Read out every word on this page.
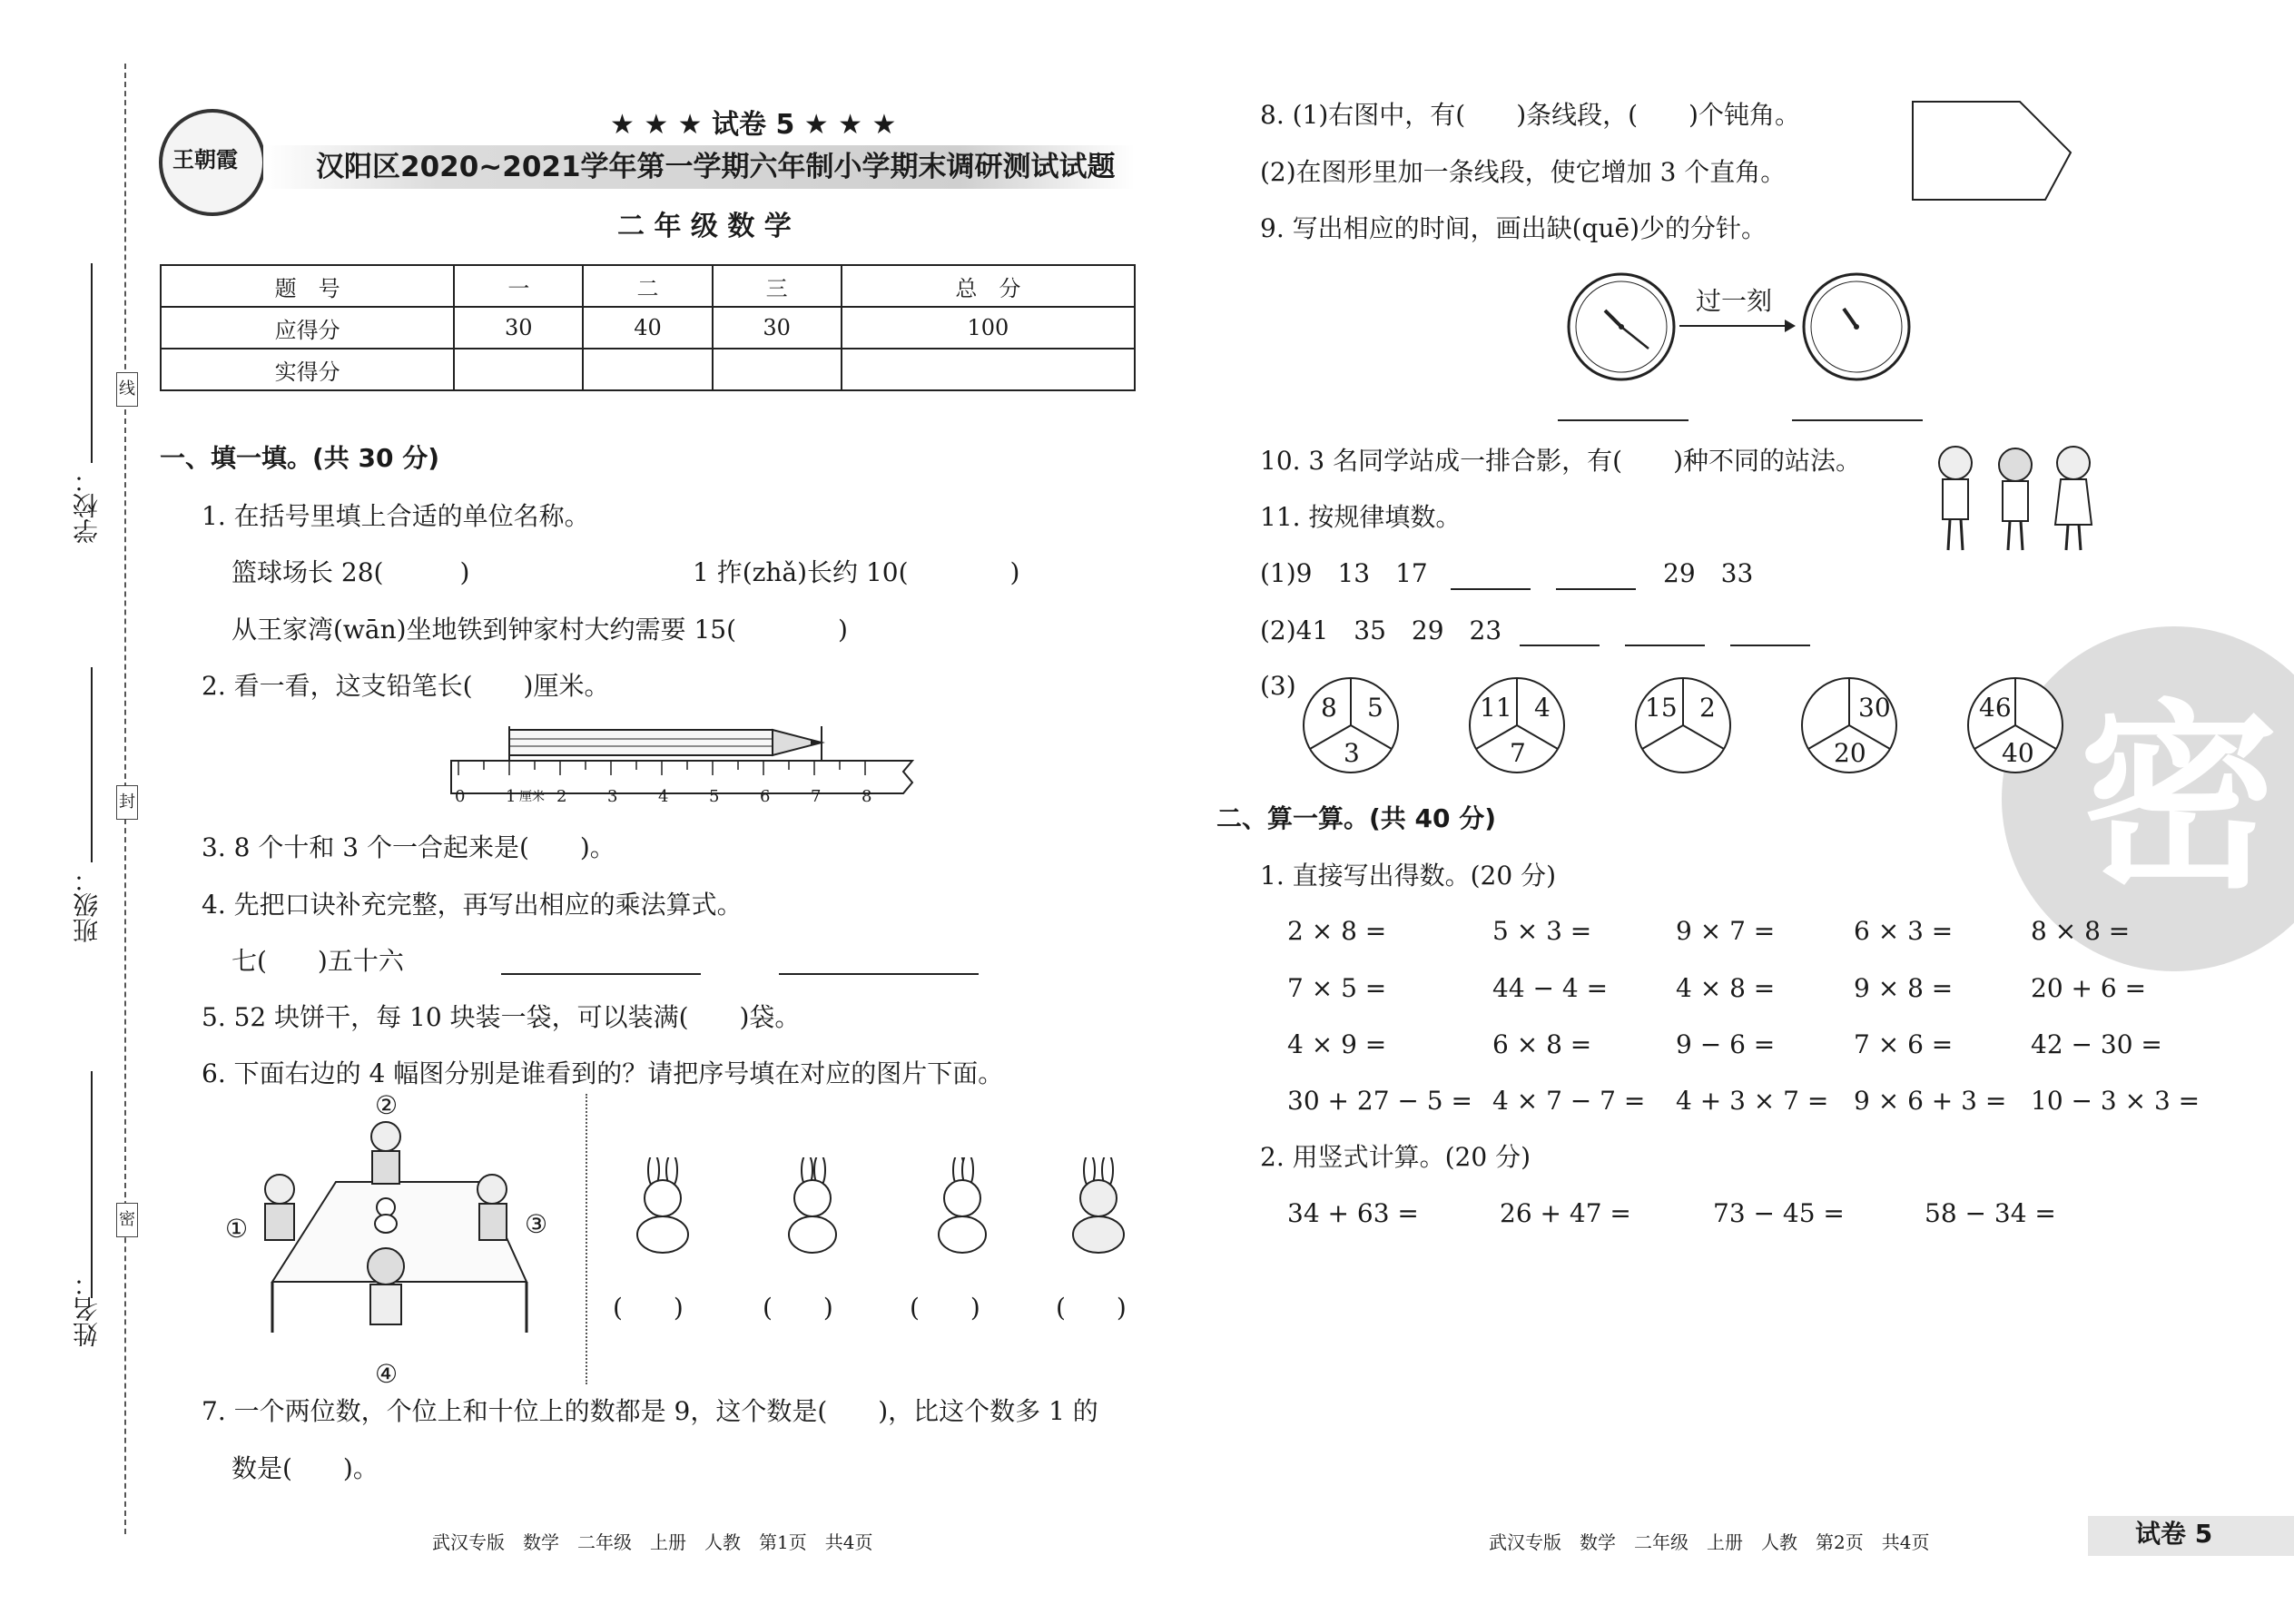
密
学校：
班级：
姓名：
线
封
密
王朝霞
★ ★ ★ 试卷 5 ★ ★ ★
汉阳区2020~2021学年第一学期六年制小学期末调研测试试题
二 年 级 数 学
题　号	一	二	三	总　分
应得分	30	40	30	100
实得分				
一、填一填。(共 30 分)
1. 在括号里填上合适的单位名称。
篮球场长 28(　　　)	1 拃(zhǎ)长约 10(　　　　)
从王家湾(wān)坐地铁到钟家村大约需要 15(　　　　)
2. 看一看，这支铅笔长(　　)厘米。
0 1 厘米 2 3 4 5 6 7 8
3. 8 个十和 3 个一合起来是(　　)。
4. 先把口诀补充完整，再写出相应的乘法算式。
七(　　)五十六
5. 52 块饼干，每 10 块装一袋，可以装满(　　)袋。
6. 下面右边的 4 幅图分别是谁看到的？请把序号填在对应的图片下面。
①
②
③
④
(　　)	(　　)	(　　)	(　　)
7. 一个两位数，个位上和十位上的数都是 9，这个数是(　　)，比这个数多 1 的
数是(　　)。
武汉专版　数学　二年级　上册　人教　第1页　共4页
8. (1)右图中，有(　　)条线段，(　　)个钝角。
(2)在图形里加一条线段，使它增加 3 个直角。
9. 写出相应的时间，画出缺(quē)少的分针。
过一刻
10. 3 名同学站成一排合影，有(　　)种不同的站法。
11. 按规律填数。
(1)9　13　17	29　33
(2)41　35　29　23
(3)
8 5
3
11 4
7
15 2	30
20
46
40
二、算一算。(共 40 分)
1. 直接写出得数。(20 分)
2 × 8 =	5 × 3 =	9 × 7 =	6 × 3 =	8 × 8 =
7 × 5 =	44 − 4 =	4 × 8 =	9 × 8 =	20 + 6 =
4 × 9 =	6 × 8 =	9 − 6 =	7 × 6 =	42 − 30 =
30 + 27 − 5 = 4 × 7 − 7 = 4 + 3 × 7 = 9 × 6 + 3 = 10 − 3 × 3 =
2. 用竖式计算。(20 分)
34 + 63 =	26 + 47 =	73 − 45 =	58 − 34 =
武汉专版　数学　二年级　上册　人教　第2页　共4页	试卷 5
